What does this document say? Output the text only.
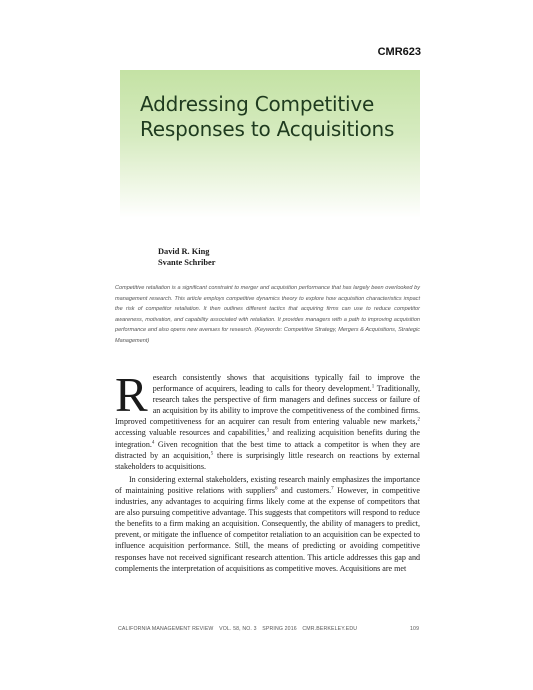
CMR623
Addressing Competitive
Responses to Acquisitions
David R. King
Svante Schriber

Competitive retaliation is a significant constraint to merger and acquisition performance that has largely been overlooked by management research. This article employs competitive dynamics theory to explore how acquisition characteristics impact the risk of competitor retaliation. It then outlines different tactics that acquiring firms can use to reduce competitor awareness, motivation, and capability associated with retaliation. It provides managers with a path to improving acquisition performance and also opens new avenues for research. (Keywords: Competitive Strategy, Mergers & Acquisitions, Strategic Management)

Research consistently shows that acquisitions typically fail to improve the performance of acquirers, leading to calls for theory development.$^1$ Traditionally, research takes the perspective of firm managers and defines success or failure of an acquisition by its ability to improve the competitiveness of the combined firms. Improved competitiveness for an acquirer can result from entering valuable new markets,$^2$ accessing valuable resources and capabilities,$^3$ and realizing acquisition benefits during the integration.$^4$ Given recognition that the best time to attack a competitor is when they are distracted by an acquisition,$^5$ there is surprisingly little research on reactions by external stakeholders to acquisitions.

In considering external stakeholders, existing research mainly emphasizes the importance of maintaining positive relations with suppliers$^6$ and customers.$^7$ However, in competitive industries, any advantages to acquiring firms likely come at the expense of competitors that are also pursuing competitive advantage. This suggests that competitors will respond to reduce the benefits to a firm making an acquisition. Consequently, the ability of managers to predict, prevent, or mitigate the influence of competitor retaliation to an acquisition can be expected to influence acquisition performance. Still, the means of predicting or avoiding competitive responses have not received significant research attention. This article addresses this gap and complements the interpretation of acquisitions as competitive moves. Acquisitions are met

CALIFORNIA MANAGEMENT REVIEW VOL. 58, NO. 3 SPRING 2016 CMR.BERKELEY.EDU	109
